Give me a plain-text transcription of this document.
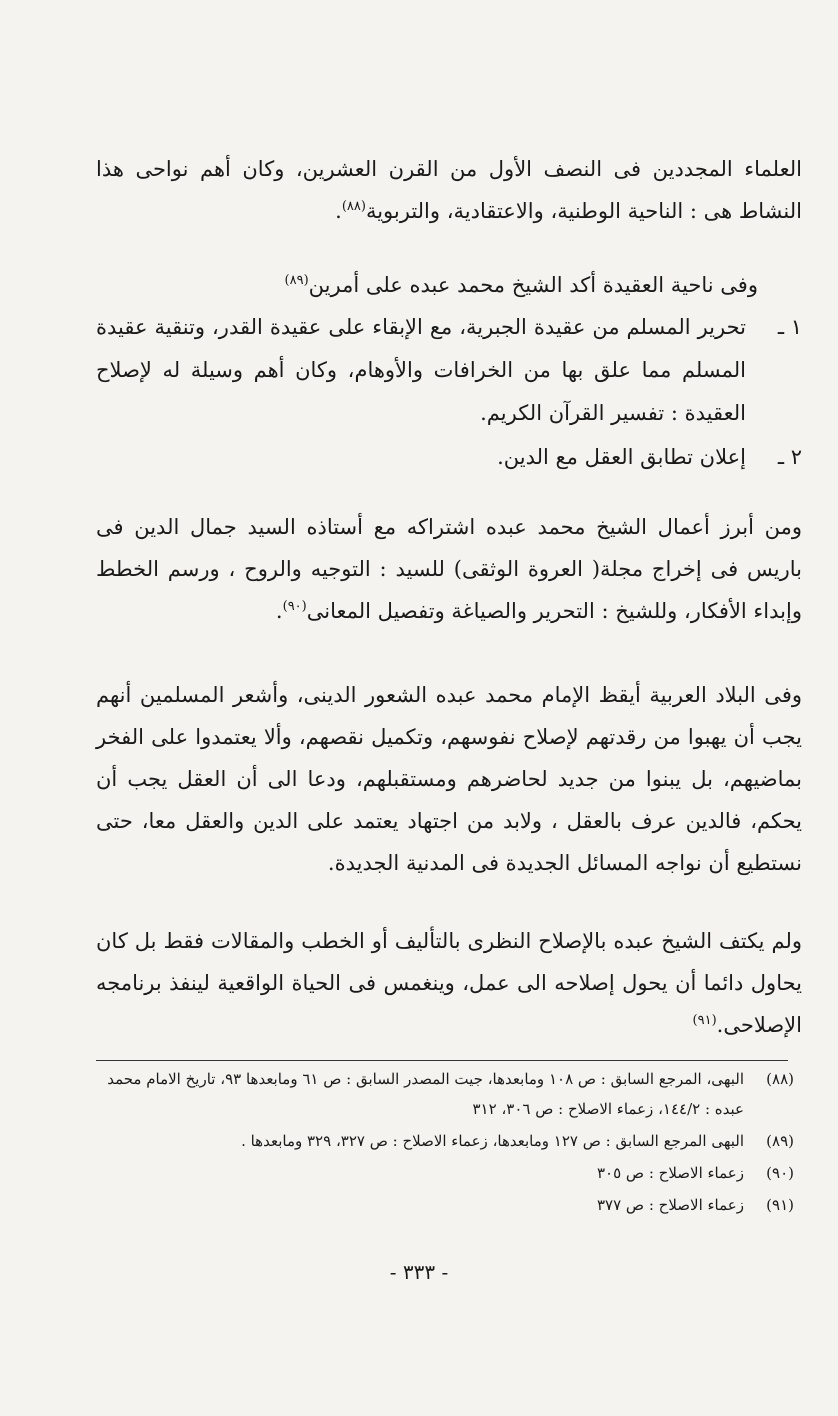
العلماء المجددين فى النصف الأول من القرن العشرين، وكان أهم نواحى هذا النشاط هى : الناحية الوطنية، والاعتقادية، والتربوية$^{(٨٨)}$.

وفى ناحية العقيدة أكد الشيخ محمد عبده على أمرين$^{(٨٩)}$

١ ـ
تحرير المسلم من عقيدة الجبرية، مع الإبقاء على عقيدة القدر، وتنقية عقيدة المسلم مما علق بها من الخرافات والأوهام، وكان أهم وسيلة له لإصلاح العقيدة : تفسير القرآن الكريم.
٢ ـ
إعلان تطابق العقل مع الدين.

ومن أبرز أعمال الشيخ محمد عبده اشتراكه مع أستاذه السيد جمال الدين فى باريس فى إخراج مجلة( العروة الوثقى) للسيد : التوجيه والروح ، ورسم الخطط وإبداء الأفكار، وللشيخ : التحرير والصياغة وتفصيل المعانى$^{(٩٠)}$.

وفى البلاد العربية أيقظ الإمام محمد عبده الشعور الدينى، وأشعر المسلمين أنهم يجب أن يهبوا من رقدتهم لإصلاح نفوسهم، وتكميل نقصهم، وألا يعتمدوا على الفخر بماضيهم، بل يبنوا من جديد لحاضرهم ومستقبلهم، ودعا الى أن العقل يجب أن يحكم، فالدين عرف بالعقل ، ولابد من اجتهاد يعتمد على الدين والعقل معا، حتى نستطيع أن نواجه المسائل الجديدة فى المدنية الجديدة.

ولم يكتف الشيخ عبده بالإصلاح النظرى بالتأليف أو الخطب والمقالات فقط بل كان يحاول دائما أن يحول إصلاحه الى عمل، وينغمس فى الحياة الواقعية لينفذ برنامجه الإصلاحى.$^{(٩١)}$

(٨٨)
البهى، المرجع السابق : ص ١٠٨ ومابعدها، جيت المصدر السابق : ص ٦١ ومابعدها ٩٣، تاريخ الامام محمد عبده : ١٤٤/٢، زعماء الاصلاح : ص ٣٠٦، ٣١٢
(٨٩)
البهى المرجع السابق : ص ١٢٧ ومابعدها، زعماء الاصلاح : ص ٣٢٧، ٣٢٩ ومابعدها .
(٩٠)
زعماء الاصلاح : ص ٣٠٥
(٩١)
زعماء الاصلاح : ص ٣٧٧
- ٣٣٣ -
